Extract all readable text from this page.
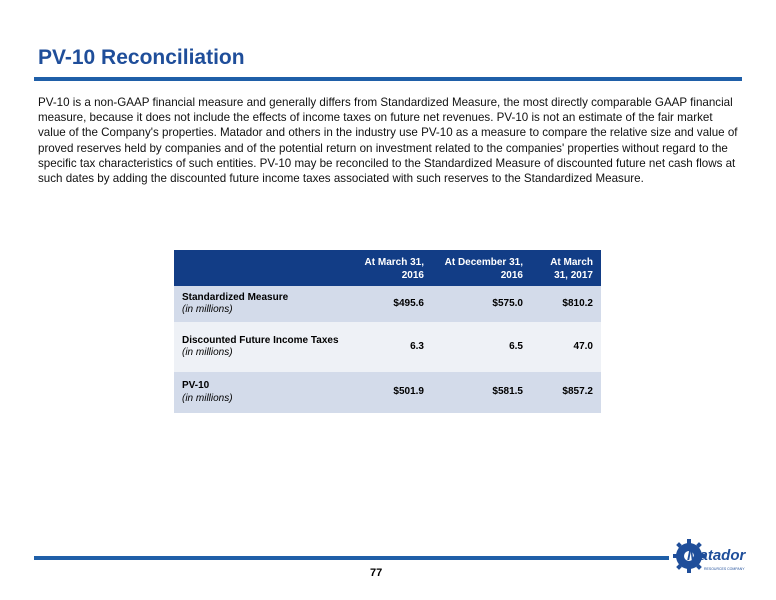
PV-10 Reconciliation
PV-10 is a non-GAAP financial measure and generally differs from Standardized Measure, the most directly comparable GAAP financial measure, because it does not include the effects of income taxes on future net revenues. PV-10 is not an estimate of the fair market value of the Company's properties. Matador and others in the industry use PV-10 as a measure to compare the relative size and value of proved reserves held by companies and of the potential return on investment related to the companies' properties without regard to the specific tax characteristics of such entities. PV-10 may be reconciled to the Standardized Measure of discounted future net cash flows at such dates by adding the discounted future income taxes associated with such reserves to the Standardized Measure.
	At March 31, 2016	At December 31, 2016	At March 31, 2017

Standardized Measure
(in millions)	$495.6	$575.0	$810.2

Discounted Future Income Taxes
(in millions)	6.3	6.5	47.0

PV-10
(in millions)	$501.9	$581.5	$857.2
77
Matador
RESOURCES COMPANY
